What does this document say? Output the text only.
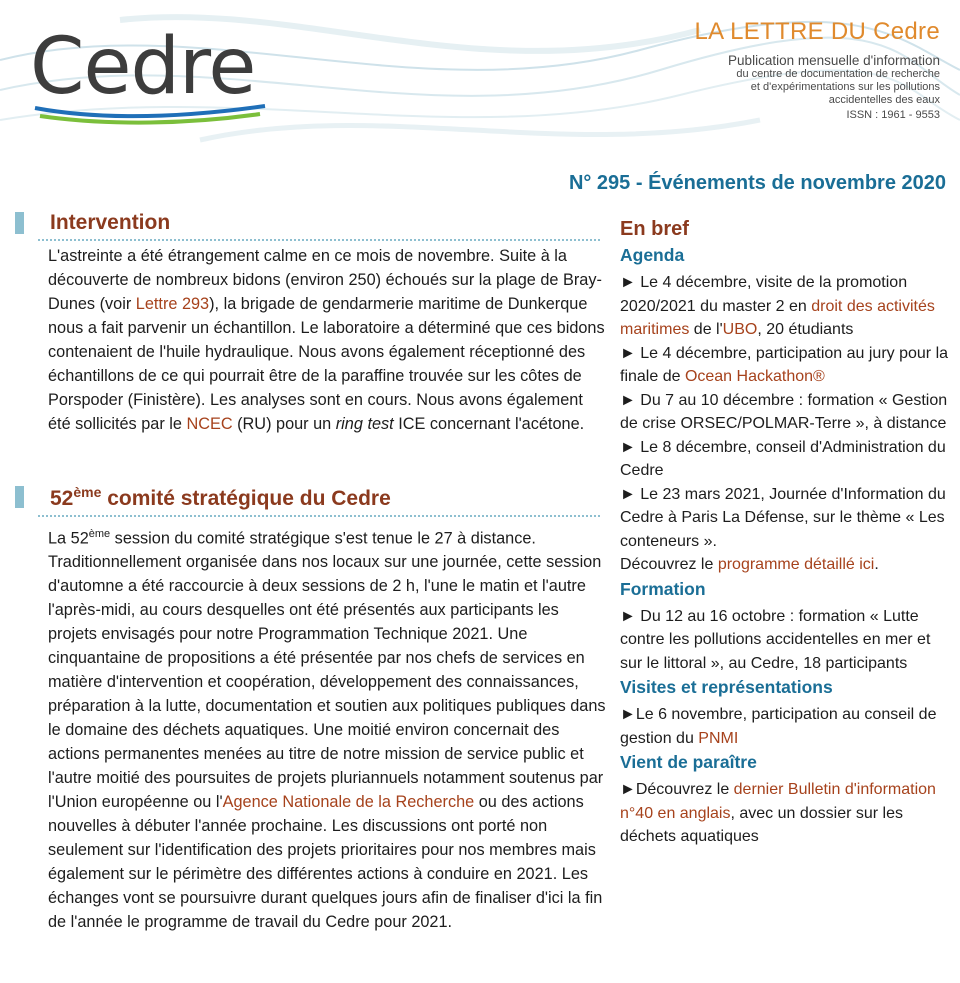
Cedre	LA LETTRE DU Cedre
Publication mensuelle d'information
du centre de documentation de recherche
et d'expérimentations sur les pollutions
accidentelles des eaux
ISSN : 1961 - 9553
N° 295 - Événements de novembre 2020
Intervention

L'astreinte a été étrangement calme en ce mois de novembre. Suite à la découverte de nombreux bidons (environ 250) échoués sur la plage de Bray-Dunes (voir Lettre 293), la brigade de gendarmerie maritime de Dunkerque nous a fait parvenir un échantillon. Le laboratoire a déterminé que ces bidons contenaient de l'huile hydraulique. Nous avons également réceptionné des échantillons de ce qui pourrait être de la paraffine trouvée sur les côtes de Porspoder (Finistère). Les analyses sont en cours. Nous avons également été sollicités par le NCEC (RU) pour un ring test ICE concernant l'acétone.

52ème comité stratégique du Cedre

La 52ème session du comité stratégique s'est tenue le 27 à distance. Traditionnellement organisée dans nos locaux sur une journée, cette session d'automne a été raccourcie à deux sessions de 2 h, l'une le matin et l'autre l'après-midi, au cours desquelles ont été présentés aux participants les projets envisagés pour notre Programmation Technique 2021. Une cinquantaine de propositions a été présentée par nos chefs de services en matière d'intervention et coopération, développement des connaissances, préparation à la lutte, documentation et soutien aux politiques publiques dans le domaine des déchets aquatiques. Une moitié environ concernait des actions permanentes menées au titre de notre mission de service public et l'autre moitié des poursuites de projets pluriannuels notamment soutenus par l'Union européenne ou l'Agence Nationale de la Recherche ou des actions nouvelles à débuter l'année prochaine. Les discussions ont porté non seulement sur l'identification des projets prioritaires pour nos membres mais également sur le périmètre des différentes actions à conduire en 2021. Les échanges vont se poursuivre durant quelques jours afin de finaliser d'ici la fin de l'année le programme de travail du Cedre pour 2021.

En bref
Agenda
► Le 4 décembre, visite de la promotion 2020/2021 du master 2 en droit des activités maritimes de l'UBO, 20 étudiants
► Le 4 décembre, participation au jury pour la finale de Ocean Hackathon®
► Du 7 au 10 décembre : formation « Gestion de crise ORSEC/POLMAR-Terre », à distance
► Le 8 décembre, conseil d'Administration du Cedre
► Le 23 mars 2021, Journée d'Information du Cedre à Paris La Défense, sur le thème « Les conteneurs ».
Découvrez le programme détaillé ici.
Formation
► Du 12 au 16 octobre : formation « Lutte contre les pollutions accidentelles en mer et sur le littoral », au Cedre, 18 participants
Visites et représentations
►Le 6 novembre, participation au conseil de gestion du PNMI
Vient de paraître
►Découvrez le dernier Bulletin d'information n°40 en anglais, avec un dossier sur les déchets aquatiques
